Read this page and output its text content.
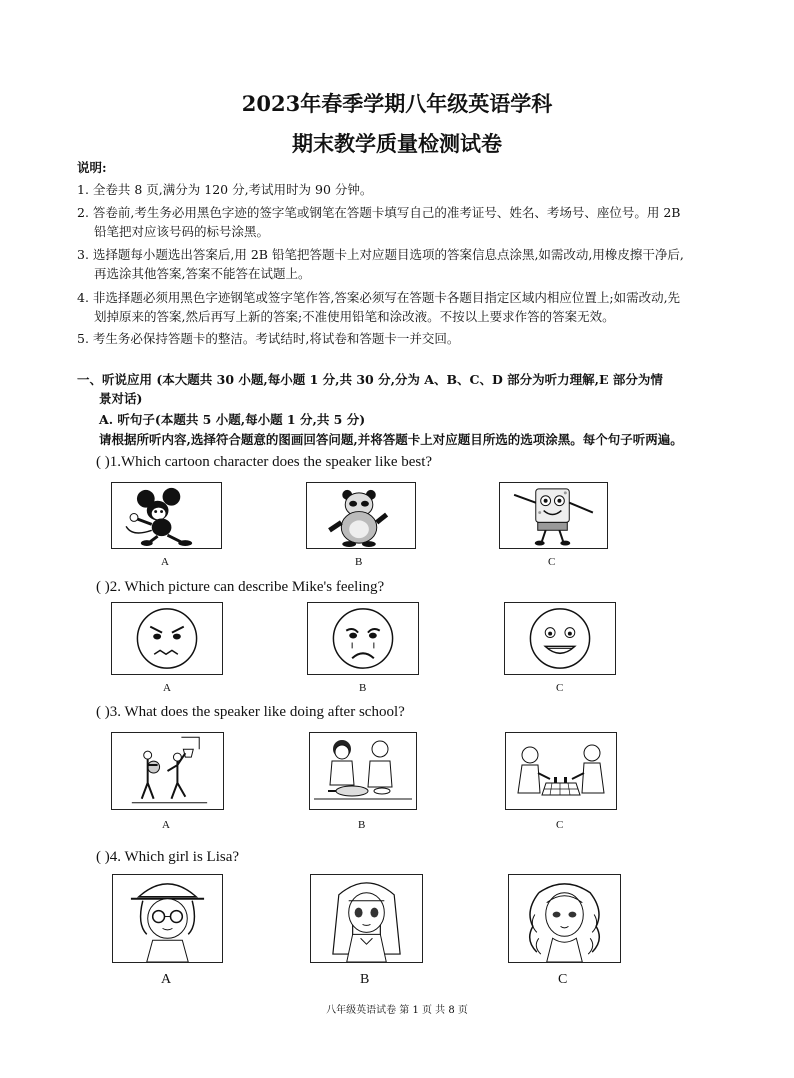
2023年春季学期八年级英语学科
期末教学质量检测试卷
说明:
1. 全卷共 8 页,满分为 120 分,考试用时为 90 分钟。
2. 答卷前,考生务必用黑色字迹的签字笔或钢笔在答题卡填写自己的准考证号、姓名、考场号、座位号。用 2B
铅笔把对应该号码的标号涂黑。
3. 选择题每小题选出答案后,用 2B 铅笔把答题卡上对应题目选项的答案信息点涂黑,如需改动,用橡皮擦干净后,
再选涂其他答案,答案不能答在试题上。
4. 非选择题必须用黑色字迹钢笔或签字笔作答,答案必须写在答题卡各题目指定区域内相应位置上;如需改动,先
划掉原来的答案,然后再写上新的答案;不准使用铅笔和涂改液。不按以上要求作答的答案无效。
5. 考生务必保持答题卡的整洁。考试结时,将试卷和答题卡一并交回。
一、听说应用 (本大题共 30 小题,每小题 1 分,共 30 分,分为 A、B、C、D 部分为听力理解,E 部分为情
景对话)
A. 听句子(本题共 5 小题,每小题 1 分,共 5 分)
请根据所听内容,选择符合题意的图画回答问题,并将答题卡上对应题目所选的选项涂黑。每个句子听两遍。
( )1.Which cartoon character does the speaker like best?
A	B	C
( )2. Which picture can describe Mike's feeling?
A	B	C
( )3. What does the speaker like doing after school?
A	B	C
( )4. Which girl is Lisa?
A	B	C
八年级英语试卷 第 1 页 共 8 页
